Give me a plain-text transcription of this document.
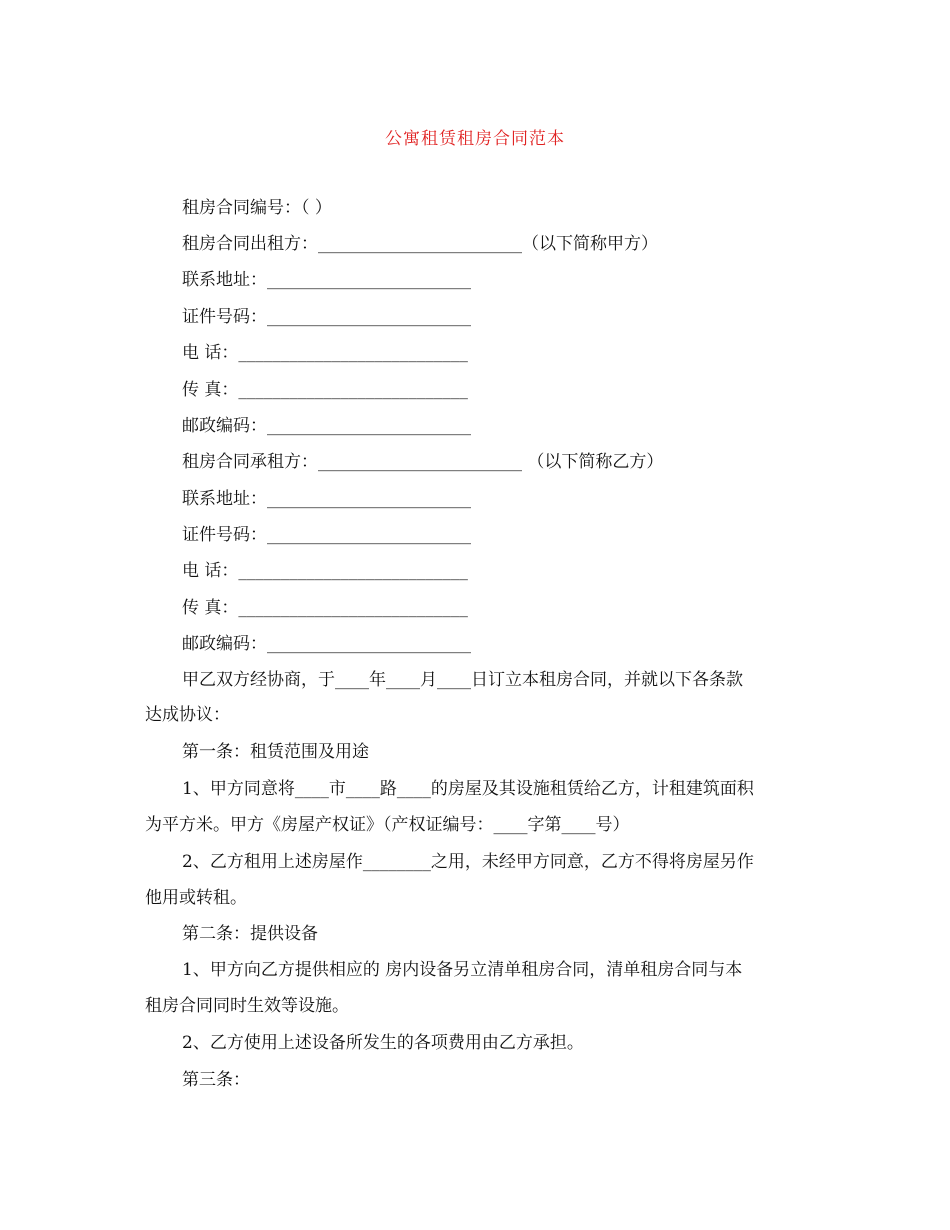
公寓租赁租房合同范本
租房合同编号：（ ）
租房合同出租方：________________________（以下简称甲方）
联系地址：________________________
证件号码：________________________
电 话：___________________________
传 真：___________________________
邮政编码：________________________
租房合同承租方：________________________ （以下简称乙方）
联系地址：________________________
证件号码：________________________
电 话：___________________________
传 真：___________________________
邮政编码：________________________
甲乙双方经协商，于____年____月____日订立本租房合同，并就以下各条款
达成协议：
第一条：租赁范围及用途
1、甲方同意将____市____路____的房屋及其设施租赁给乙方，计租建筑面积
为平方米。甲方《房屋产权证》（产权证编号：____字第____号）
2、乙方租用上述房屋作________之用，未经甲方同意，乙方不得将房屋另作
他用或转租。
第二条：提供设备
1、甲方向乙方提供相应的 房内设备另立清单租房合同，清单租房合同与本
租房合同同时生效等设施。
2、乙方使用上述设备所发生的各项费用由乙方承担。
第三条：
